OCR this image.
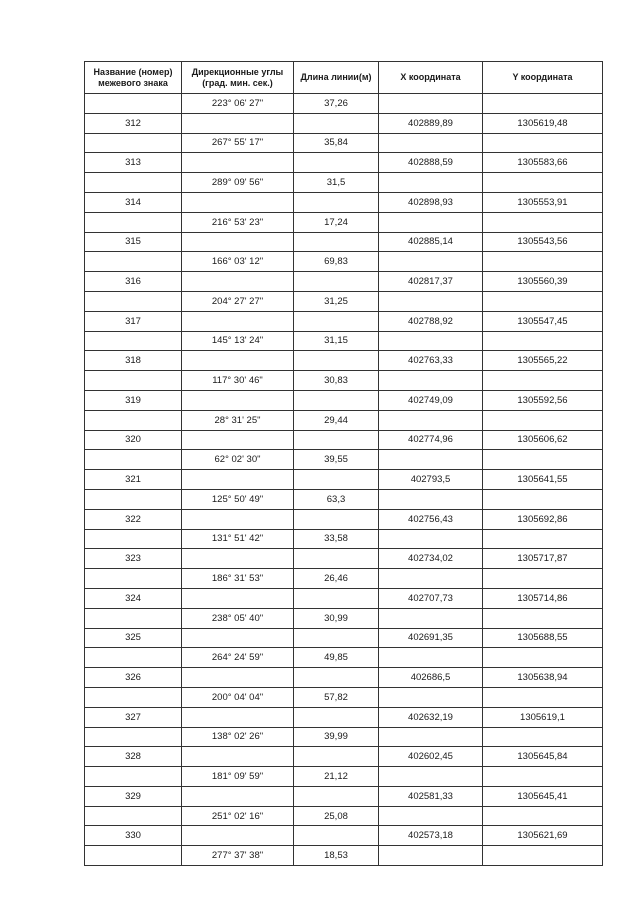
Название (номер) межевого знака	Дирекционные углы (град. мин. сек.)	Длина линии(м)	X координата	Y координата
	223° 06' 27"	37,26		
312			402889,89	1305619,48
	267° 55' 17"	35,84		
313			402888,59	1305583,66
	289° 09' 56"	31,5		
314			402898,93	1305553,91
	216° 53' 23"	17,24		
315			402885,14	1305543,56
	166° 03' 12"	69,83		
316			402817,37	1305560,39
	204° 27' 27"	31,25		
317			402788,92	1305547,45
	145° 13' 24"	31,15		
318			402763,33	1305565,22
	117° 30' 46"	30,83		
319			402749,09	1305592,56
	28° 31' 25"	29,44		
320			402774,96	1305606,62
	62° 02' 30"	39,55		
321			402793,5	1305641,55
	125° 50' 49"	63,3		
322			402756,43	1305692,86
	131° 51' 42"	33,58		
323			402734,02	1305717,87
	186° 31' 53"	26,46		
324			402707,73	1305714,86
	238° 05' 40"	30,99		
325			402691,35	1305688,55
	264° 24' 59"	49,85		
326			402686,5	1305638,94
	200° 04' 04"	57,82		
327			402632,19	1305619,1
	138° 02' 26"	39,99		
328			402602,45	1305645,84
	181° 09' 59"	21,12		
329			402581,33	1305645,41
	251° 02' 16"	25,08		
330			402573,18	1305621,69
	277° 37' 38"	18,53		
